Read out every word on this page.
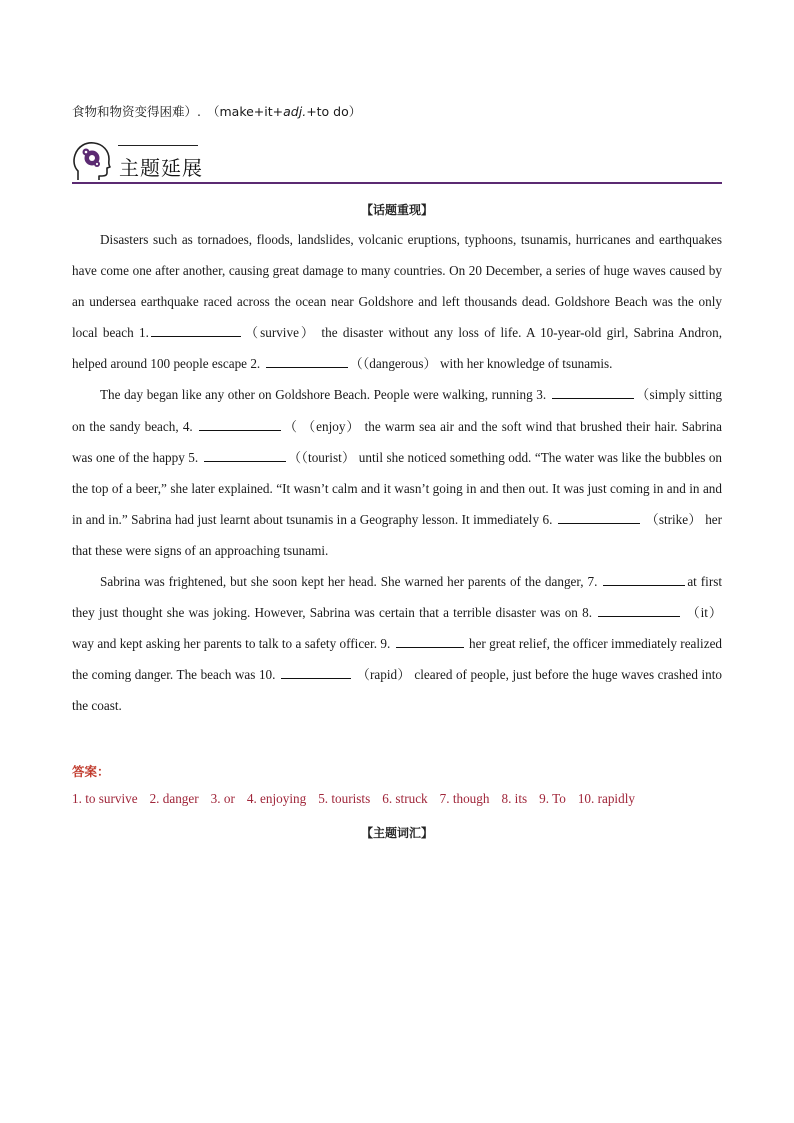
食物和物资变得困难）. （make+it+adj.+to do）
主题延展
【话题重现】

Disasters such as tornadoes, floods, landslides, volcanic eruptions, typhoons, tsunamis, hurricanes and earthquakes have come one after another, causing great damage to many countries. On 20 December, a series of huge waves caused by an undersea earthquake raced across the ocean near Goldshore and left thousands dead. Goldshore Beach was the only local beach 1.	（survive） the disaster without any loss of life. A 10-year-old girl, Sabrina Andron, helped around 100 people escape 2.	（（dangerous） with her knowledge of tsunamis.

The day began like any other on Goldshore Beach. People were walking, running 3.	（simply sitting on the sandy beach, 4.	（ （enjoy） the warm sea air and the soft wind that brushed their hair. Sabrina was one of the happy 5.	（（tourist） until she noticed something odd. “The water was like the bubbles on the top of a beer,” she later explained. “It wasn’t calm and it wasn’t going in and then out. It was just coming in and in and in and in.” Sabrina had just learnt about tsunamis in a Geography lesson. It immediately 6.	（strike） her that these were signs of an approaching tsunami.

Sabrina was frightened, but she soon kept her head. She warned her parents of the danger, 7.	at first they just thought she was joking. However, Sabrina was certain that a terrible disaster was on 8.	（it） way and kept asking her parents to talk to a safety officer. 9.	her great relief, the officer immediately realized the coming danger. The beach was 10.	（rapid） cleared of people, just before the huge waves crashed into the coast.

答案：
1. to survive 2. danger 3. or 4. enjoying 5. tourists 6. struck 7. though 8. its 9. To 10. rapidly
【主题词汇】
